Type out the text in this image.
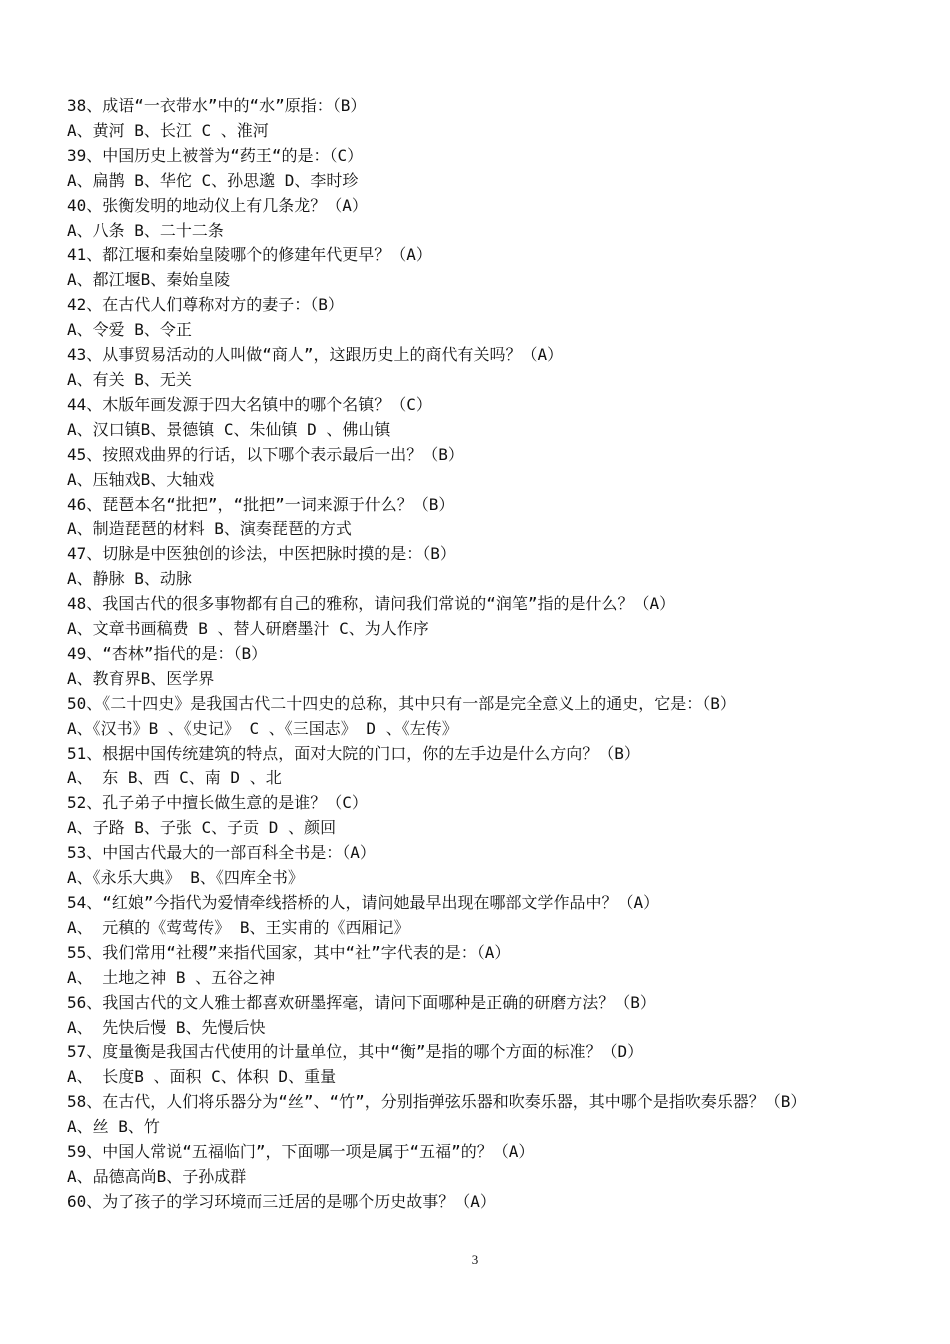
38、成语“一衣带水”中的“水”原指：（B）

A、黄河 B、长江 C 、淮河

39、中国历史上被誉为“药王“的是：（C）

A、扁鹊 B、华佗 C、孙思邈 D、李时珍

40、张衡发明的地动仪上有几条龙？（A）

A、八条 B、二十二条

41、都江堰和秦始皇陵哪个的修建年代更早？（A）

A、都江堰B、秦始皇陵

42、在古代人们尊称对方的妻子：（B）

A、令爱 B、令正

43、从事贸易活动的人叫做“商人”，这跟历史上的商代有关吗？（A）

A、有关 B、无关

44、木版年画发源于四大名镇中的哪个名镇？（C）

A、汉口镇B、景德镇 C、朱仙镇 D 、佛山镇

45、按照戏曲界的行话，以下哪个表示最后一出？（B）

A、压轴戏B、大轴戏

46、琵琶本名“批把”，“批把”一词来源于什么？（B）

A、制造琵琶的材料 B、演奏琵琶的方式

47、切脉是中医独创的诊法，中医把脉时摸的是：（B）

A、静脉 B、动脉

48、我国古代的很多事物都有自己的雅称，请问我们常说的“润笔”指的是什么？（A）

A、文章书画稿费 B 、替人研磨墨汁 C、为人作序

49、“杏林”指代的是：（B）

A、教育界B、医学界

50、《二十四史》是我国古代二十四史的总称，其中只有一部是完全意义上的通史，它是：（B）

A、《汉书》B 、《史记》 C 、《三国志》 D 、《左传》

51、根据中国传统建筑的特点，面对大院的门口，你的左手边是什么方向？（B）

A、 东 B、西 C、南 D 、北

52、孔子弟子中擅长做生意的是谁？（C）

A、子路 B、子张 C、子贡 D 、颜回

53、中国古代最大的一部百科全书是：（A）

A、《永乐大典》 B、《四库全书》

54、“红娘”今指代为爱情牵线搭桥的人，请问她最早出现在哪部文学作品中？（A）

A、 元稹的《莺莺传》 B、王实甫的《西厢记》

55、我们常用“社稷”来指代国家，其中“社”字代表的是：（A）

A、 土地之神 B 、五谷之神

56、我国古代的文人雅士都喜欢研墨挥毫，请问下面哪种是正确的研磨方法？（B）

A、 先快后慢 B、先慢后快

57、度量衡是我国古代使用的计量单位，其中“衡”是指的哪个方面的标准？（D）

A、 长度B 、面积 C、体积 D、重量

58、在古代，人们将乐器分为“丝”、“竹”，分别指弹弦乐器和吹奏乐器，其中哪个是指吹奏乐器？（B）

A、丝 B、竹

59、中国人常说“五福临门”，下面哪一项是属于“五福”的？（A）

A、品德高尚B、子孙成群

60、为了孩子的学习环境而三迁居的是哪个历史故事？（A）

3
